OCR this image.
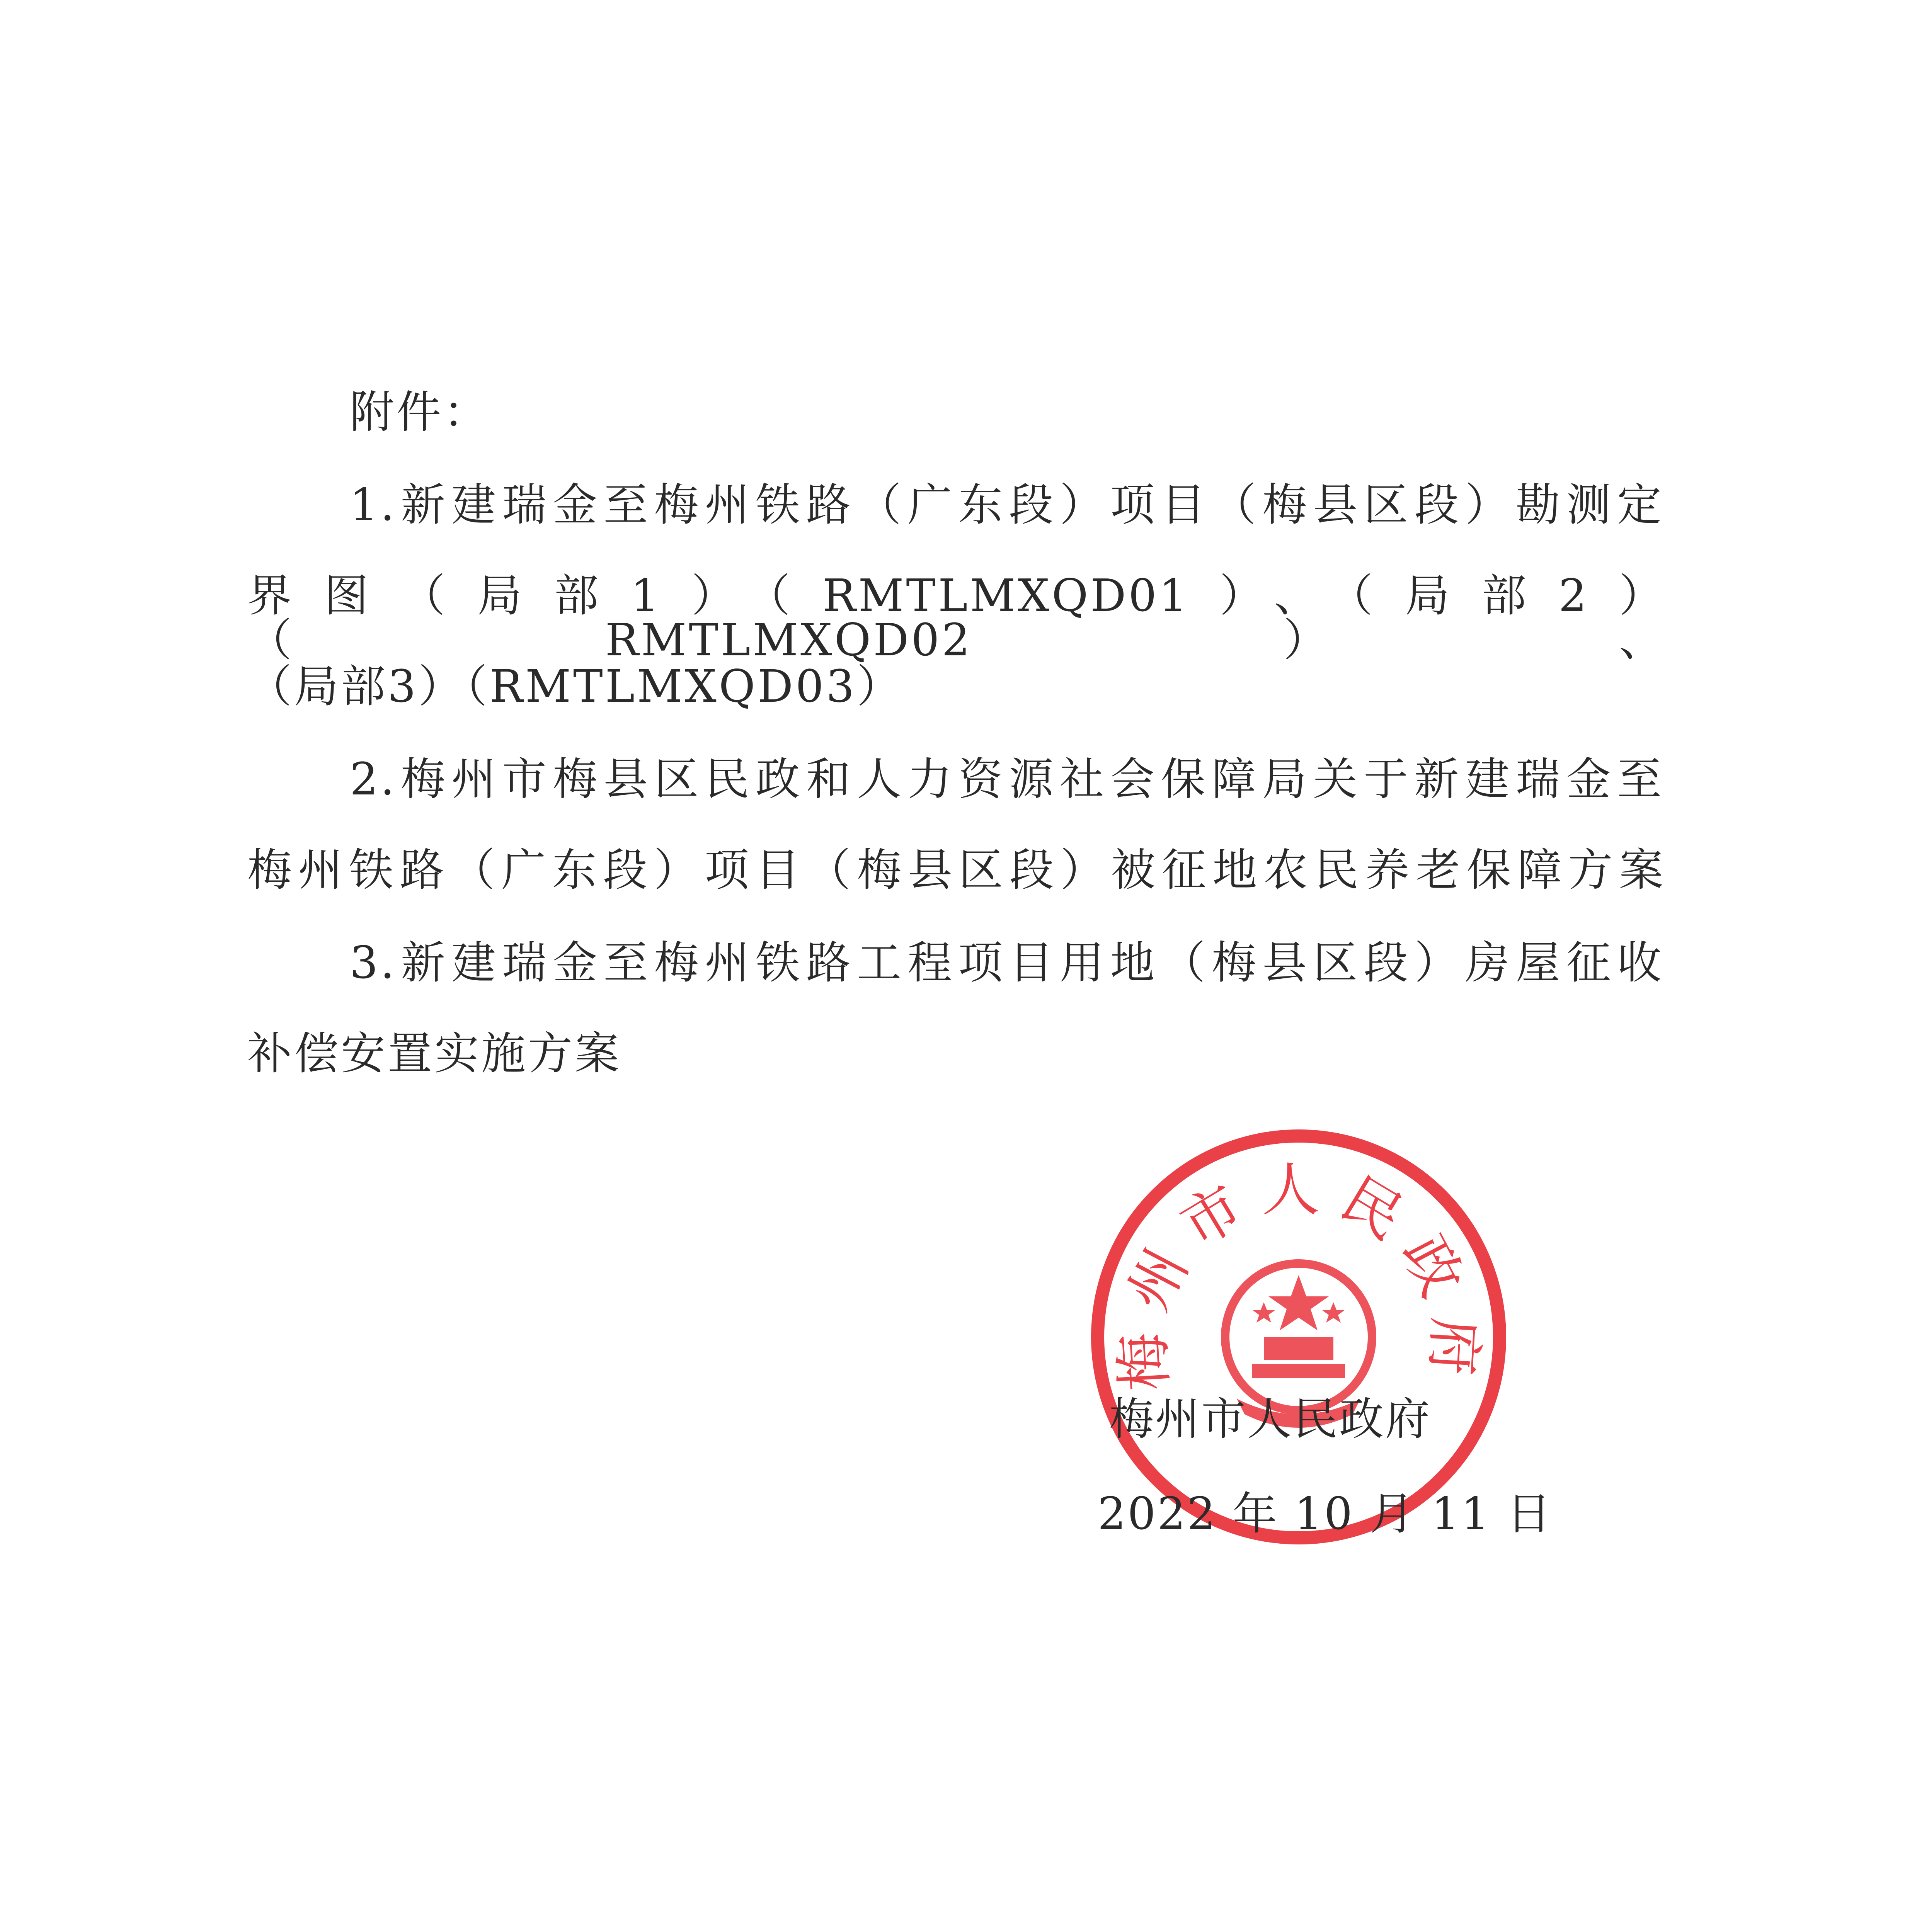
附件：
1.新建瑞金至梅州铁路（广东段）项目（梅县区段）勘测定
界图（局部1）（RMTLMXQD01）、（局部2）（RMTLMXQD02）、
（局部3）（RMTLMXQD03）
2.梅州市梅县区民政和人力资源社会保障局关于新建瑞金至
梅州铁路（广东段）项目（梅县区段）被征地农民养老保障方案
3.新建瑞金至梅州铁路工程项目用地（梅县区段）房屋征收
补偿安置实施方案
梅州市人民政府
梅州市人民政府
2022 年 10 月 11 日
